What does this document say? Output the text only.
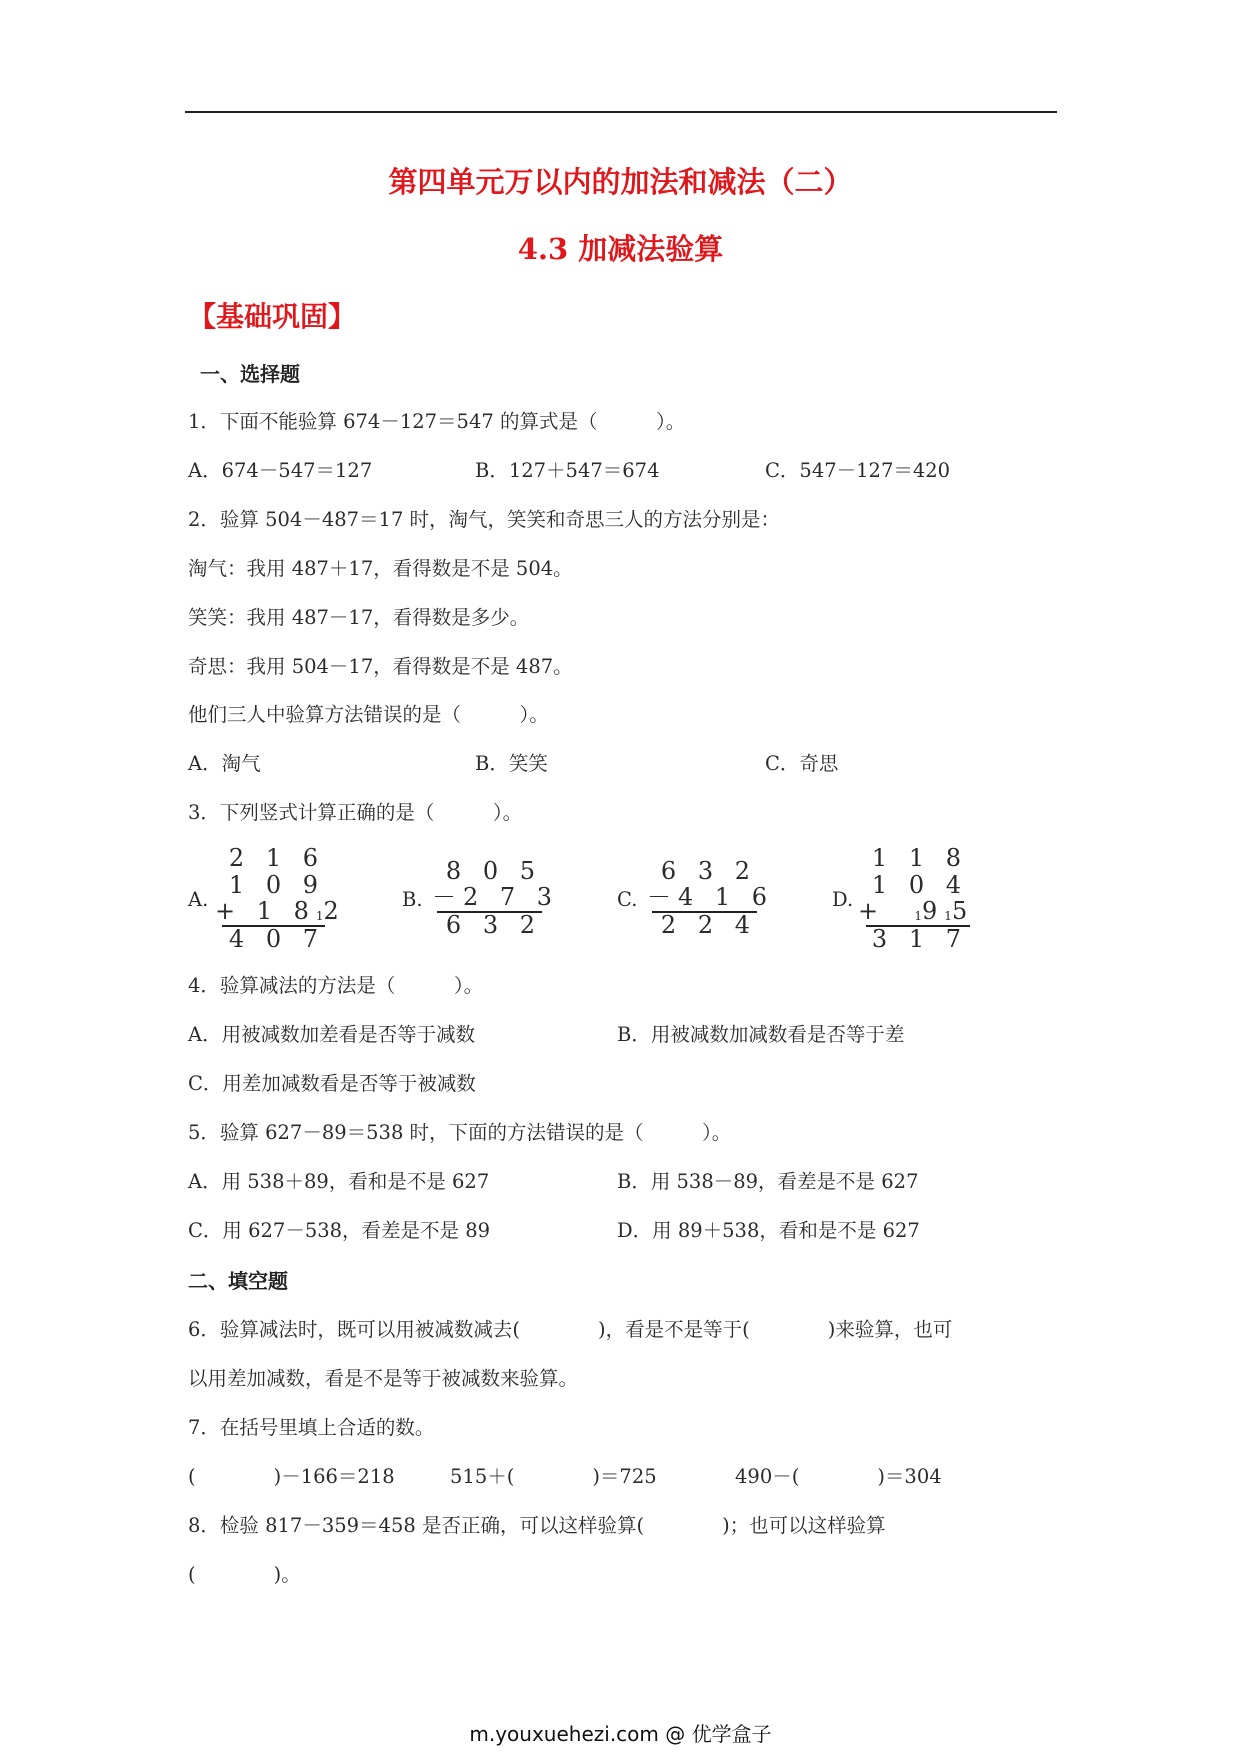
第四单元万以内的加法和减法（二）
4.3 加减法验算
【基础巩固】
一、选择题
1．下面不能验算 674－127＝547 的算式是（　　　）。
A．674－547＝127	B．127＋547＝674	C．547－127＝420
2．验算 504－487＝17 时，淘气，笑笑和奇思三人的方法分别是：
淘气：我用 487＋17，看得数是不是 504。
笑笑：我用 487－17，看得数是多少。
奇思：我用 504－17，看得数是不是 487。
他们三人中验算方法错误的是（　　　）。
A．淘气	B．笑笑	C．奇思
3．下列竖式计算正确的是（　　　）。
A.
2 1 6
1 0 9
+ 1 812
4 0 7
B.
8 0 5
－2 7 3
6 3 2
C.
6 3 2
－4 1 6
2 2 4
D.
1 1 8
1 0 4
+ 1915
3 1 7
4．验算减法的方法是（　　　）。
A．用被减数加差看是否等于减数	B．用被减数加减数看是否等于差
C．用差加减数看是否等于被减数
5．验算 627－89＝538 时，下面的方法错误的是（　　　）。
A．用 538＋89，看和是不是 627	B．用 538－89，看差是不是 627
C．用 627－538，看差是不是 89	D．用 89＋538，看和是不是 627
二、填空题
6．验算减法时，既可以用被减数减去(　　　　)，看是不是等于(　　　　)来验算，也可
以用差加减数，看是不是等于被减数来验算。
7．在括号里填上合适的数。
(　　　　)－166＝218	515＋(　　　　)＝725	490－(　　　　)＝304
8．检验 817－359＝458 是否正确，可以这样验算(　　　　)；也可以这样验算
(　　　　)。
m.youxuehezi.com @ 优学盒子
